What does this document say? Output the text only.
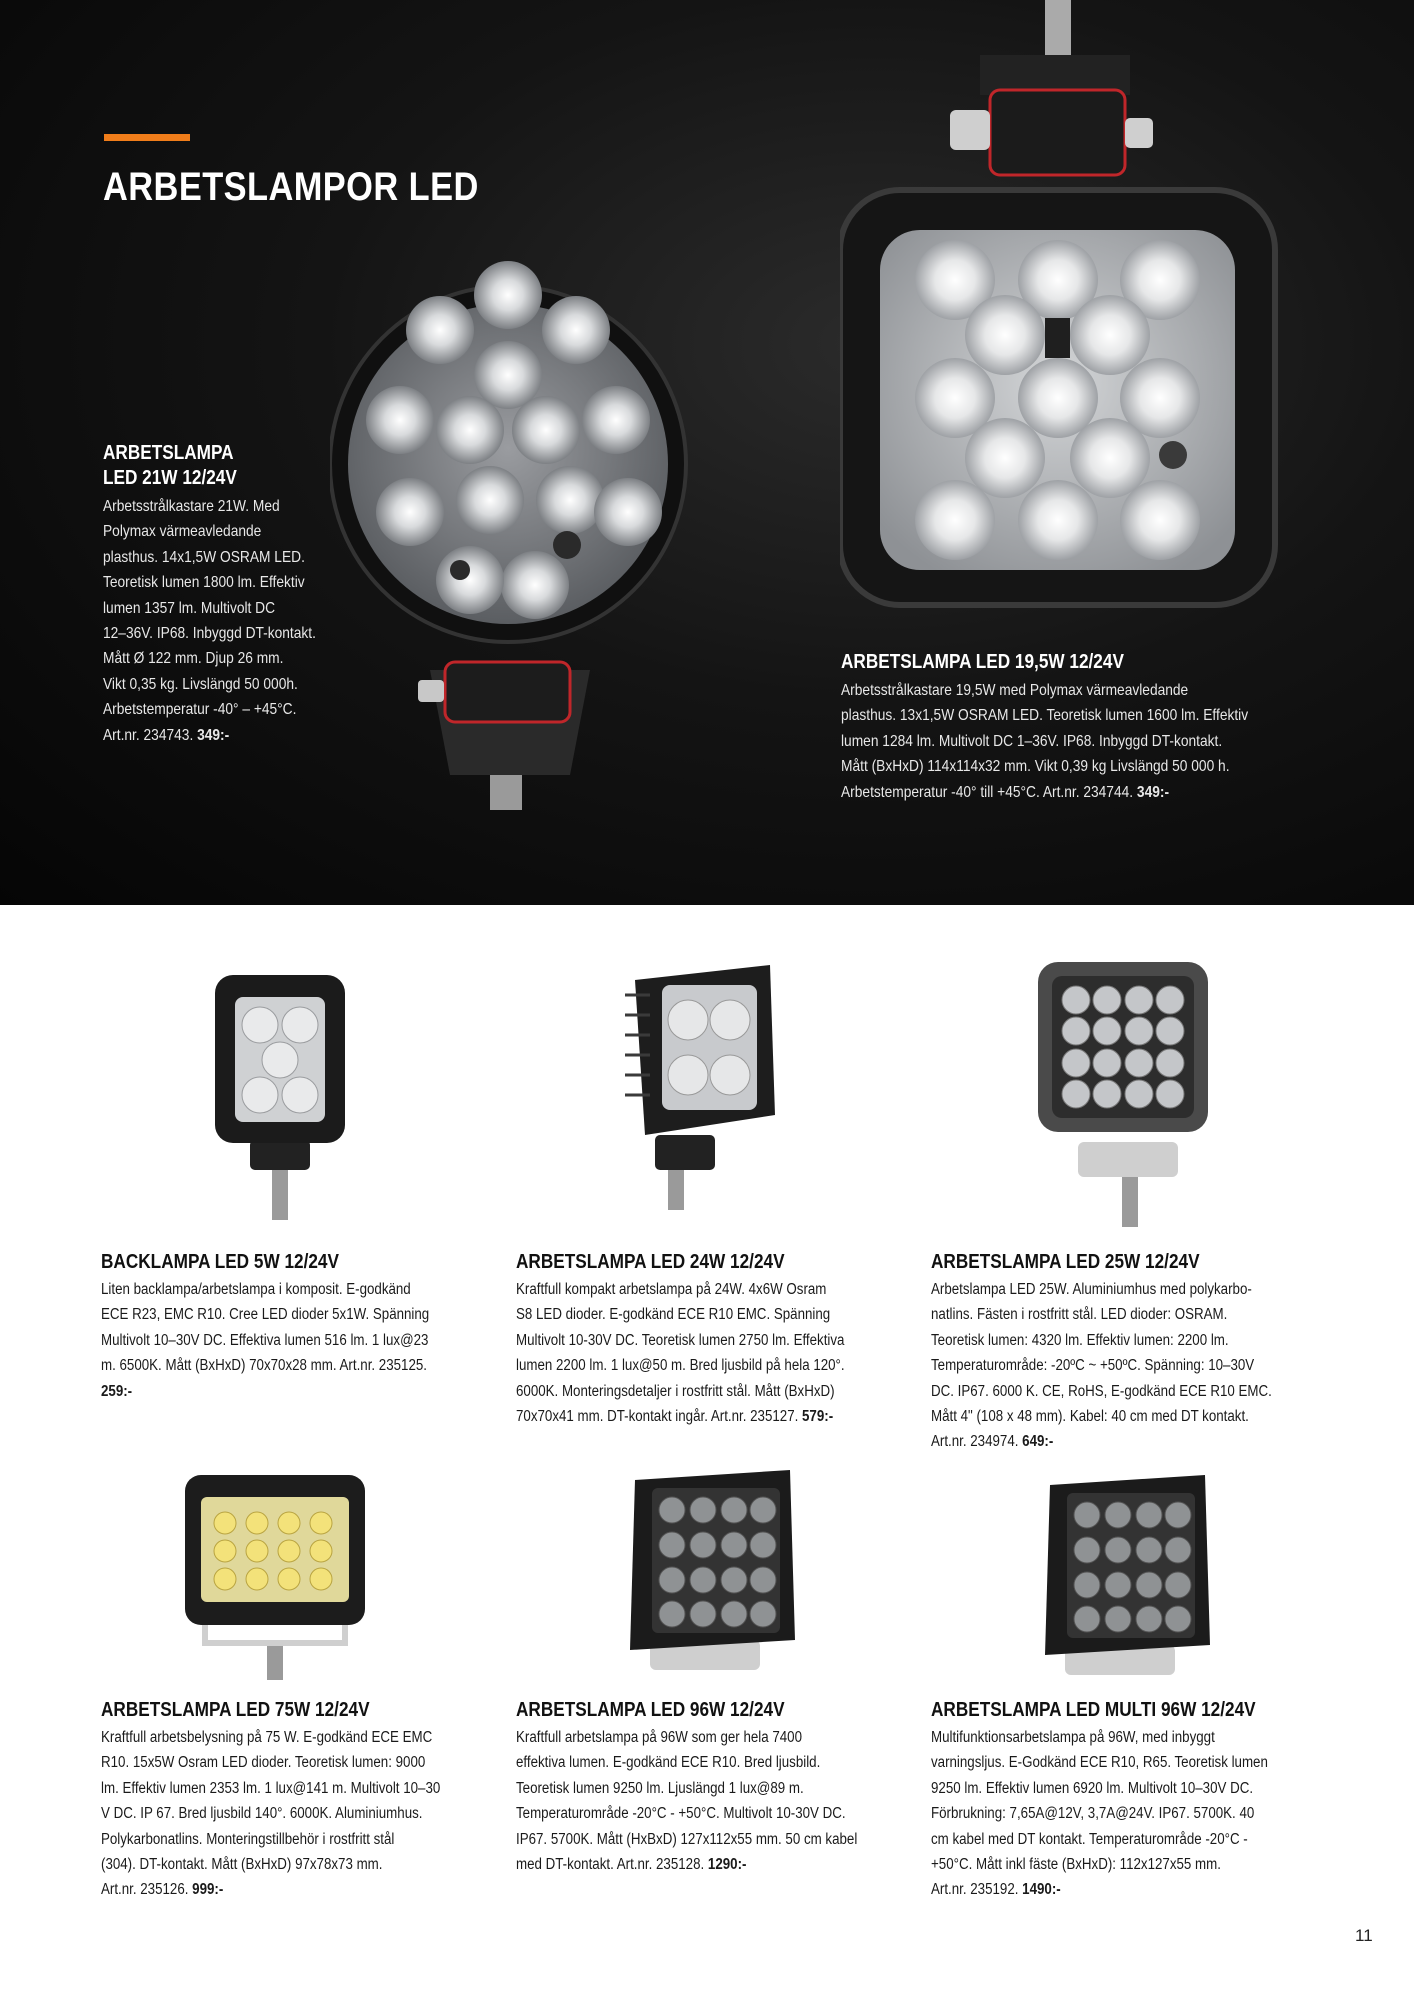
ARBETSLAMPOR LED
ARBETSLAMPA
LED 21W 12/24V

Arbetsstrålkastare 21W. Med
Polymax värmeavledande
plasthus. 14x1,5W OSRAM LED.
Teoretisk lumen 1800 lm. Effektiv
lumen 1357 lm. Multivolt DC
12–36V. IP68. Inbyggd DT-kontakt.
Mått Ø 122 mm. Djup 26 mm.
Vikt 0,35 kg. Livslängd 50 000h.
Arbetstemperatur -40° – +45°C.
Art.nr. 234743. 349:-

ARBETSLAMPA LED 19,5W 12/24V

Arbetsstrålkastare 19,5W med Polymax värmeavledande
plasthus. 13x1,5W OSRAM LED. Teoretisk lumen 1600 lm. Effektiv
lumen 1284 lm. Multivolt DC 1–36V. IP68. Inbyggd DT-kontakt.
Mått (BxHxD) 114x114x32 mm. Vikt 0,39 kg Livslängd 50 000 h.
Arbetstemperatur -40° till +45°C. Art.nr. 234744. 349:-

BACKLAMPA LED 5W 12/24V

Liten backlampa/arbetslampa i komposit. E-godkänd
ECE R23, EMC R10. Cree LED dioder 5x1W. Spänning
Multivolt 10–30V DC. Effektiva lumen 516 lm. 1 lux@23
m. 6500K. Mått (BxHxD) 70x70x28 mm. Art.nr. 235125.
259:-

ARBETSLAMPA LED 24W 12/24V

Kraftfull kompakt arbetslampa på 24W. 4x6W Osram
S8 LED dioder. E-godkänd ECE R10 EMC. Spänning
Multivolt 10-30V DC. Teoretisk lumen 2750 lm. Effektiva
lumen 2200 lm. 1 lux@50 m. Bred ljusbild på hela 120°.
6000K. Monteringsdetaljer i rostfritt stål. Mått (BxHxD)
70x70x41 mm. DT-kontakt ingår. Art.nr. 235127. 579:-

ARBETSLAMPA LED 25W 12/24V

Arbetslampa LED 25W. Aluminiumhus med polykarbo-
natlins. Fästen i rostfritt stål. LED dioder: OSRAM.
Teoretisk lumen: 4320 lm. Effektiv lumen: 2200 lm.
Temperaturområde: -20ºC ~ +50ºC. Spänning: 10–30V
DC. IP67. 6000 K. CE, RoHS, E-godkänd ECE R10 EMC.
Mått 4" (108 x 48 mm). Kabel: 40 cm med DT kontakt.
Art.nr. 234974. 649:-

ARBETSLAMPA LED 75W 12/24V

Kraftfull arbetsbelysning på 75 W. E-godkänd ECE EMC
R10. 15x5W Osram LED dioder. Teoretisk lumen: 9000
lm. Effektiv lumen 2353 lm. 1 lux@141 m. Multivolt 10–30
V DC. IP 67. Bred ljusbild 140°. 6000K. Aluminiumhus.
Polykarbonatlins. Monteringstillbehör i rostfritt stål
(304). DT-kontakt. Mått (BxHxD) 97x78x73 mm.
Art.nr. 235126. 999:-

ARBETSLAMPA LED 96W 12/24V

Kraftfull arbetslampa på 96W som ger hela 7400
effektiva lumen. E-godkänd ECE R10. Bred ljusbild.
Teoretisk lumen 9250 lm. Ljuslängd 1 lux@89 m.
Temperaturområde -20°C - +50°C. Multivolt 10-30V DC.
IP67. 5700K. Mått (HxBxD) 127x112x55 mm. 50 cm kabel
med DT-kontakt. Art.nr. 235128. 1290:-

ARBETSLAMPA LED MULTI 96W 12/24V

Multifunktionsarbetslampa på 96W, med inbyggt
varningsljus. E-Godkänd ECE R10, R65. Teoretisk lumen
9250 lm. Effektiv lumen 6920 lm. Multivolt 10–30V DC.
Förbrukning: 7,65A@12V, 3,7A@24V. IP67. 5700K. 40
cm kabel med DT kontakt. Temperaturområde -20°C -
+50°C. Mått inkl fäste (BxHxD): 112x127x55 mm.
Art.nr. 235192. 1490:-

11
